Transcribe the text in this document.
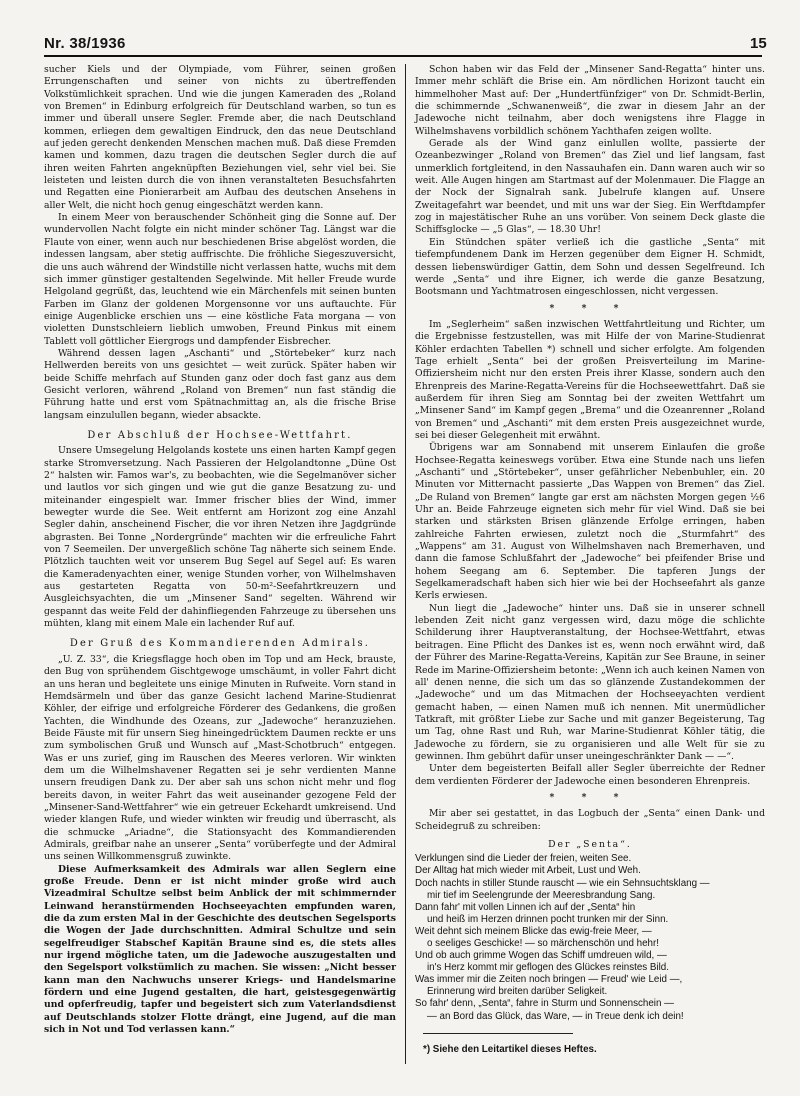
Nr. 38/1936	15

sucher Kiels und der Olympiade, vom Führer, seinen großen Errungenschaften und seiner von nichts zu übertreffenden Volkstümlichkeit sprachen. Und wie die jungen Kameraden des „Roland von Bremen“ in Edinburg erfolgreich für Deutschland warben, so tun es immer und überall unsere Segler. Fremde aber, die nach Deutschland kommen, erliegen dem gewaltigen Eindruck, den das neue Deutschland auf jeden gerecht denkenden Menschen machen muß. Daß diese Fremden kamen und kommen, dazu tragen die deutschen Segler durch die auf ihren weiten Fahrten angeknüpften Beziehungen viel, sehr viel bei. Sie leisteten und leisten durch die von ihnen veranstalteten Besuchsfahrten und Regatten eine Pionierarbeit am Aufbau des deutschen Ansehens in aller Welt, die nicht hoch genug eingeschätzt werden kann.

In einem Meer von berauschender Schönheit ging die Sonne auf. Der wundervollen Nacht folgte ein nicht minder schöner Tag. Längst war die Flaute von einer, wenn auch nur beschiedenen Brise abgelöst worden, die indessen langsam, aber stetig auffrischte. Die fröhliche Siegeszuversicht, die uns auch während der Windstille nicht verlassen hatte, wuchs mit dem sich immer günstiger gestaltenden Segelwinde. Mit heller Freude wurde Helgoland gegrüßt, das, leuchtend wie ein Märchenfels mit seinen bunten Farben im Glanz der goldenen Morgensonne vor uns auftauchte. Für einige Augenblicke erschien uns — eine köstliche Fata morgana — von violetten Dunstschleiern lieblich umwoben, Freund Pinkus mit einem Tablett voll göttlicher Eiergrogs und dampfender Eisbrecher.

Während dessen lagen „Aschanti“ und „Störtebeker“ kurz nach Hellwerden bereits von uns gesichtet — weit zurück. Später haben wir beide Schiffe mehrfach auf Stunden ganz oder doch fast ganz aus dem Gesicht verloren, während „Roland von Bremen“ nun fast ständig die Führung hatte und erst vom Spätnachmittag an, als die frische Brise langsam einzulullen begann, wieder absackte.

Der Abschluß der Hochsee-Wettfahrt.

Unsere Umsegelung Helgolands kostete uns einen harten Kampf gegen starke Stromversetzung. Nach Passieren der Helgolandtonne „Düne Ost 2“ halsten wir. Famos war's, zu beobachten, wie die Segelmanöver sicher und lautlos vor sich gingen und wie gut die ganze Besatzung zu- und miteinander eingespielt war. Immer frischer blies der Wind, immer bewegter wurde die See. Weit entfernt am Horizont zog eine Anzahl Segler dahin, anscheinend Fischer, die vor ihren Netzen ihre Jagdgründe abgrasten. Bei Tonne „Nordergründe“ machten wir die erfreuliche Fahrt von 7 Seemeilen. Der unvergeßlich schöne Tag näherte sich seinem Ende. Plötzlich tauchten weit vor unserem Bug Segel auf Segel auf: Es waren die Kameradenyachten einer, wenige Stunden vorher, von Wilhelmshaven aus gestarteten Regatta von 50-m²-Seefahrtkreuzern und Ausgleichsyachten, die um „Minsener Sand“ segelten. Während wir gespannt das weite Feld der dahinfliegenden Fahrzeuge zu übersehen uns mühten, klang mit einem Male ein lachender Ruf auf.

Der Gruß des Kommandierenden Admirals.

„U. Z. 33“, die Kriegsflagge hoch oben im Top und am Heck, brauste, den Bug von sprühendem Gischtgewoge umschäumt, in voller Fahrt dicht an uns heran und begleitete uns einige Minuten in Rufweite. Vorn stand in Hemdsärmeln und über das ganze Gesicht lachend Marine-Studienrat Köhler, der eifrige und erfolgreiche Förderer des Gedankens, die großen Yachten, die Windhunde des Ozeans, zur „Jadewoche“ heranzuziehen. Beide Fäuste mit für unsern Sieg hineingedrücktem Daumen reckte er uns zum symbolischen Gruß und Wunsch auf „Mast-Schotbruch“ entgegen. Was er uns zurief, ging im Rauschen des Meeres verloren. Wir winkten dem um die Wilhelmshavener Regatten sei je sehr verdienten Manne unsern freudigen Dank zu. Der aber sah uns schon nicht mehr und flog bereits davon, in weiter Fahrt das weit auseinander gezogene Feld der „Minsener-Sand-Wettfahrer“ wie ein getreuer Eckehardt umkreisend. Und wieder klangen Rufe, und wieder winkten wir freudig und überrascht, als die schmucke „Ariadne“, die Stationsyacht des Kommandierenden Admirals, greifbar nahe an unserer „Senta“ vorüberfegte und der Admiral uns seinen Willkommensgruß zuwinkte.

Diese Aufmerksamkeit des Admirals war allen Seglern eine große Freude. Denn er ist nicht minder große wird auch Vizeadmiral Schultze selbst beim Anblick der mit schimmernder Leinwand heranstürmenden Hochseeyachten empfunden waren, die da zum ersten Mal in der Geschichte des deutschen Segelsports die Wogen der Jade durchschnitten. Admiral Schultze und sein segelfreudiger Stabschef Kapitän Braune sind es, die stets alles nur irgend mögliche taten, um die Jadewoche auszugestalten und den Segelsport volkstümlich zu machen. Sie wissen: „Nicht besser kann man den Nachwuchs unserer Kriegs- und Handelsmarine fördern und eine Jugend gestalten, die hart, geistesgegenwärtig und opferfreudig, tapfer und begeistert sich zum Vaterlandsdienst auf Deutschlands stolzer Flotte drängt, eine Jugend, auf die man sich in Not und Tod verlassen kann.“

Schon haben wir das Feld der „Minsener Sand-Regatta“ hinter uns. Immer mehr schläft die Brise ein. Am nördlichen Horizont taucht ein himmelhoher Mast auf: Der „Hundertfünfziger“ von Dr. Schmidt-Berlin, die schimmernde „Schwanenweiß“, die zwar in diesem Jahr an der Jadewoche nicht teilnahm, aber doch wenigstens ihre Flagge in Wilhelmshavens vorbildlich schönem Yachthafen zeigen wollte.

Gerade als der Wind ganz einlullen wollte, passierte der Ozeanbezwinger „Roland von Bremen“ das Ziel und lief langsam, fast unmerklich fortgleitend, in den Nassauhafen ein. Dann waren auch wir so weit. Alle Augen hingen am Startmast auf der Molenmauer. Die Flagge an der Nock der Signalrah sank. Jubelrufe klangen auf. Unsere Zweitagefahrt war beendet, und mit uns war der Sieg. Ein Werftdampfer zog in majestätischer Ruhe an uns vorüber. Von seinem Deck glaste die Schiffsglocke — „5 Glas“, — 18.30 Uhr!

Ein Stündchen später verließ ich die gastliche „Senta“ mit tiefempfundenem Dank im Herzen gegenüber dem Eigner H. Schmidt, dessen liebenswürdiger Gattin, dem Sohn und dessen Segelfreund. Ich werde „Senta“ und ihre Eigner, ich werde die ganze Besatzung, Bootsmann und Yachtmatrosen eingeschlossen, nicht vergessen.

* * *

Im „Seglerheim“ saßen inzwischen Wettfahrtleitung und Richter, um die Ergebnisse festzustellen, was mit Hilfe der von Marine-Studienrat Köhler erdachten Tabellen *) schnell und sicher erfolgte. Am folgenden Tage erhielt „Senta“ bei der großen Preisverteilung im Marine-Offiziersheim nicht nur den ersten Preis ihrer Klasse, sondern auch den Ehrenpreis des Marine-Regatta-Vereins für die Hochseewettfahrt. Daß sie außerdem für ihren Sieg am Sonntag bei der zweiten Wettfahrt um „Minsener Sand“ im Kampf gegen „Brema“ und die Ozeanrenner „Roland von Bremen“ und „Aschanti“ mit dem ersten Preis ausgezeichnet wurde, sei bei dieser Gelegenheit mit erwähnt.

Übrigens war am Sonnabend mit unserem Einlaufen die große Hochsee-Regatta keineswegs vorüber. Etwa eine Stunde nach uns liefen „Aschanti“ und „Störtebeker“, unser gefährlicher Nebenbuhler, ein. 20 Minuten vor Mitternacht passierte „Das Wappen von Bremen“ das Ziel. „De Ruland von Bremen“ langte gar erst am nächsten Morgen gegen ½6 Uhr an. Beide Fahrzeuge eigneten sich mehr für viel Wind. Daß sie bei starken und stärksten Brisen glänzende Erfolge erringen, haben zahlreiche Fahrten erwiesen, zuletzt noch die „Sturmfahrt“ des „Wappens“ am 31. August von Wilhelmshaven nach Bremerhaven, und dann die famose Schlußfahrt der „Jadewoche“ bei pfeifender Brise und hohem Seegang am 6. September. Die tapferen Jungs der Segelkameradschaft haben sich hier wie bei der Hochseefahrt als ganze Kerls erwiesen.

Nun liegt die „Jadewoche“ hinter uns. Daß sie in unserer schnell lebenden Zeit nicht ganz vergessen wird, dazu möge die schlichte Schilderung ihrer Hauptveranstaltung, der Hochsee-Wettfahrt, etwas beitragen. Eine Pflicht des Dankes ist es, wenn noch erwähnt wird, daß der Führer des Marine-Regatta-Vereins, Kapitän zur See Braune, in seiner Rede im Marine-Offiziersheim betonte: „Wenn ich auch keinen Namen von all' denen nenne, die sich um das so glänzende Zustandekommen der „Jadewoche“ und um das Mitmachen der Hochseeyachten verdient gemacht haben, — einen Namen muß ich nennen. Mit unermüdlicher Tatkraft, mit größter Liebe zur Sache und mit ganzer Begeisterung, Tag um Tag, ohne Rast und Ruh, war Marine-Studienrat Köhler tätig, die Jadewoche zu fördern, sie zu organisieren und alle Welt für sie zu gewinnen. Ihm gebührt dafür unser uneingeschränkter Dank — —“.

Unter dem begeisterten Beifall aller Segler überreichte der Redner dem verdienten Förderer der Jadewoche einen besonderen Ehrenpreis.

* * *

Mir aber sei gestattet, in das Logbuch der „Senta“ einen Dank- und Scheidegruß zu schreiben:

Der „Senta“.

Verklungen sind die Lieder der freien, weiten See.

Der Alltag hat mich wieder mit Arbeit, Lust und Weh.

Doch nachts in stiller Stunde rauscht — wie ein Sehnsuchtsklang —

mir tief im Seelengrunde der Meeresbrandung Sang.

Dann fahr' mit vollen Linnen ich auf der „Senta“ hin

und heiß im Herzen drinnen pocht trunken mir der Sinn.

Weit dehnt sich meinem Blicke das ewig-freie Meer, —

o seeliges Geschicke! — so märchenschön und hehr!

Und ob auch grimme Wogen das Schiff umdreuen wild, —

in's Herz kommt mir geflogen des Glückes reinstes Bild.

Was immer mir die Zeiten noch bringen — Freud' wie Leid —,

Erinnerung wird breiten darüber Seligkeit.

So fahr' denn, „Senta“, fahre in Sturm und Sonnenschein —

— an Bord das Glück, das Ware, — in Treue denk ich dein!

*) Siehe den Leitartikel dieses Heftes.
